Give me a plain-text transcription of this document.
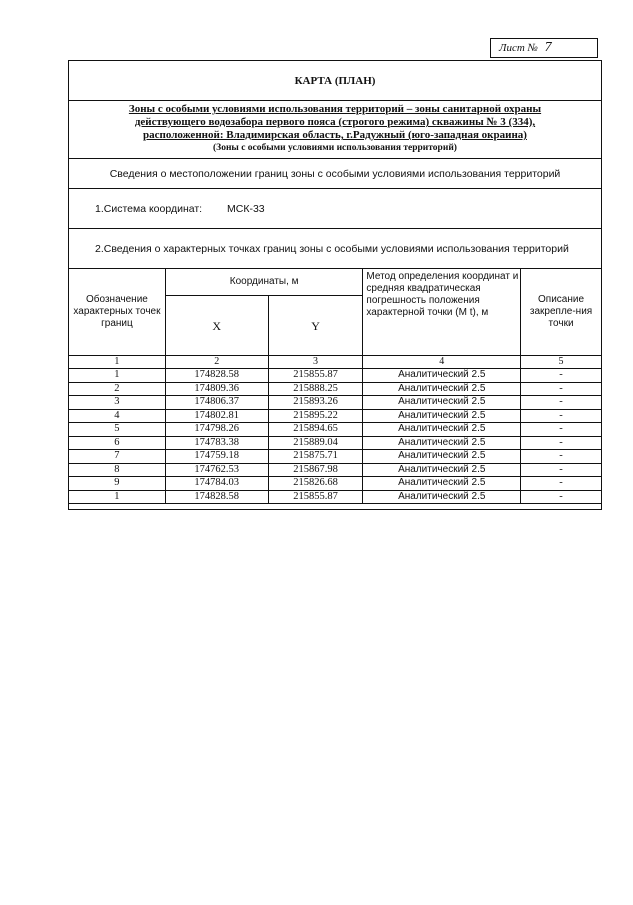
Лист № 7
КАРТА (ПЛАН)
Зоны с особыми условиями использования территорий – зоны санитарной охраны
действующего водозабора первого пояса (строгого режима) скважины № 3 (334),
расположенной: Владимирская область, г.Радужный (юго-западная окраина)
(Зоны с особыми условиями использования территорий)
Сведения о местоположении границ зоны с особыми условиями использования территорий
1.Система координат: МСК-33
2.Сведения о характерных точках границ зоны с особыми условиями использования территорий
Обозначение характерных точек границ	Координаты, м		Метод определения координат и средняя квадратическая погрешность положения характерной точки (M t), м	Описание закрепле-ния точки
	X	Y		
1	2	3	4	5
1	174828.58	215855.87	Аналитический 2.5	-
2	174809.36	215888.25	Аналитический 2.5	-
3	174806.37	215893.26	Аналитический 2.5	-
4	174802.81	215895.22	Аналитический 2.5	-
5	174798.26	215894.65	Аналитический 2.5	-
6	174783.38	215889.04	Аналитический 2.5	-
7	174759.18	215875.71	Аналитический 2.5	-
8	174762.53	215867.98	Аналитический 2.5	-
9	174784.03	215826.68	Аналитический 2.5	-
1	174828.58	215855.87	Аналитический 2.5	-
